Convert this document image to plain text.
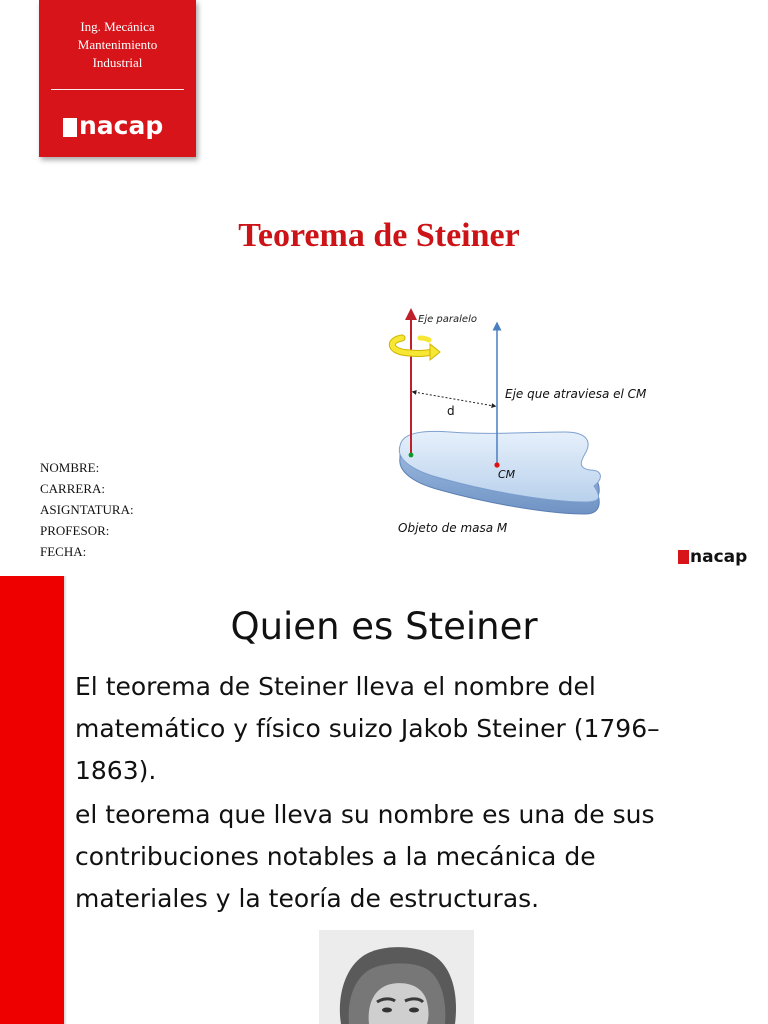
Ing. Mecánica
Mantenimiento
Industrial
nacap
Teorema de Steiner
Eje paralelo
Eje que atraviesa el CM
d
CM
Objeto de masa M
NOMBRE:
CARRERA:
ASIGNTATURA:
PROFESOR:
FECHA:	nacap
Quien es Steiner
El teorema de Steiner lleva el nombre del matemático y físico suizo Jakob Steiner (1796–1863).
el teorema que lleva su nombre es una de sus contribuciones notables a la mecánica de materiales y la teoría de estructuras.
